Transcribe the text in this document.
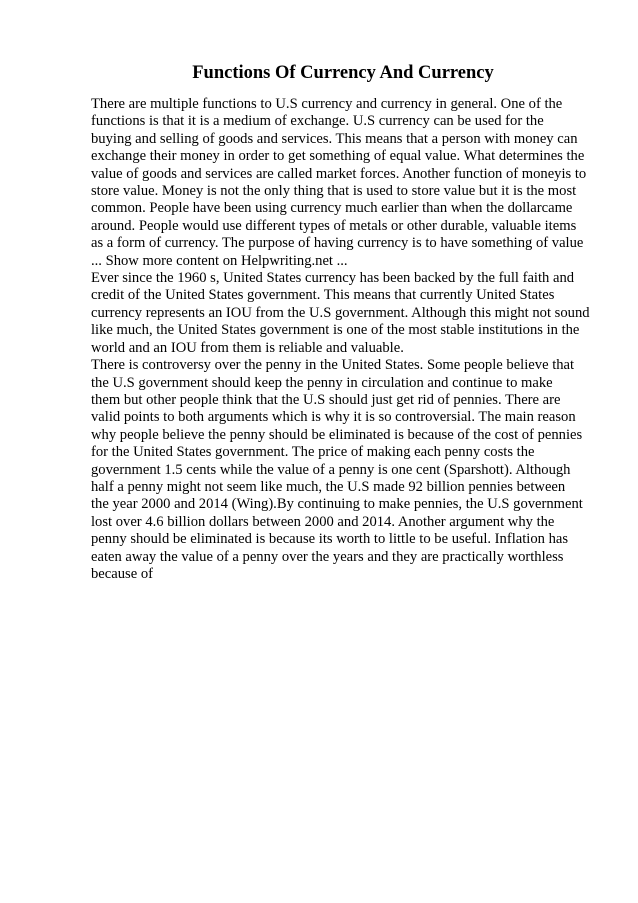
Functions Of Currency And Currency
There are multiple functions to U.S currency and currency in general. One of the
functions is that it is a medium of exchange. U.S currency can be used for the
buying and selling of goods and services. This means that a person with money can
exchange their money in order to get something of equal value. What determines the
value of goods and services are called market forces. Another function of moneyis to
store value. Money is not the only thing that is used to store value but it is the most
common. People have been using currency much earlier than when the dollarcame
around. People would use different types of metals or other durable, valuable items
as a form of currency. The purpose of having currency is to have something of value
... Show more content on Helpwriting.net ...
Ever since the 1960 s, United States currency has been backed by the full faith and
credit of the United States government. This means that currently United States
currency represents an IOU from the U.S government. Although this might not sound
like much, the United States government is one of the most stable institutions in the
world and an IOU from them is reliable and valuable.
There is controversy over the penny in the United States. Some people believe that
the U.S government should keep the penny in circulation and continue to make
them but other people think that the U.S should just get rid of pennies. There are
valid points to both arguments which is why it is so controversial. The main reason
why people believe the penny should be eliminated is because of the cost of pennies
for the United States government. The price of making each penny costs the
government 1.5 cents while the value of a penny is one cent (Sparshott). Although
half a penny might not seem like much, the U.S made 92 billion pennies between
the year 2000 and 2014 (Wing).By continuing to make pennies, the U.S government
lost over 4.6 billion dollars between 2000 and 2014. Another argument why the
penny should be eliminated is because its worth to little to be useful. Inflation has
eaten away the value of a penny over the years and they are practically worthless
because of
